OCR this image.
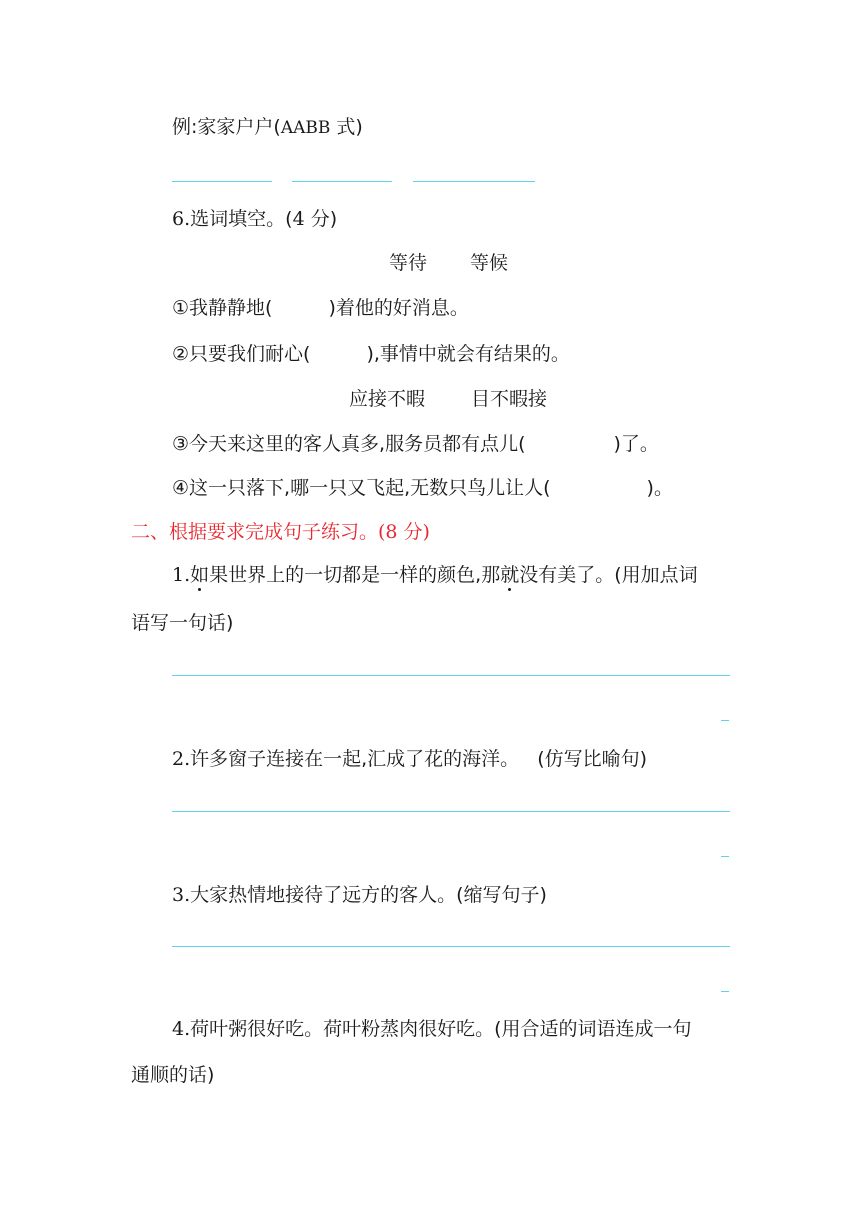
例:家家户户(AABB 式)
6.选词填空。(4 分)
等待 等候
①我静静地(	)着他的好消息。
②只要我们耐心(	),事情中就会有结果的。
应接不暇 目不暇接
③今天来这里的客人真多,服务员都有点儿(	)了。
④这一只落下,哪一只又飞起,无数只鸟儿让人(	)。
二、根据要求完成句子练习。(8 分)
1.如果世界上的一切都是一样的颜色,那就没有美了。(用加点词
语写一句话)
2.许多窗子连接在一起,汇成了花的海洋。 (仿写比喻句)
3.大家热情地接待了远方的客人。(缩写句子)
4.荷叶粥很好吃。荷叶粉蒸肉很好吃。(用合适的词语连成一句
通顺的话)
